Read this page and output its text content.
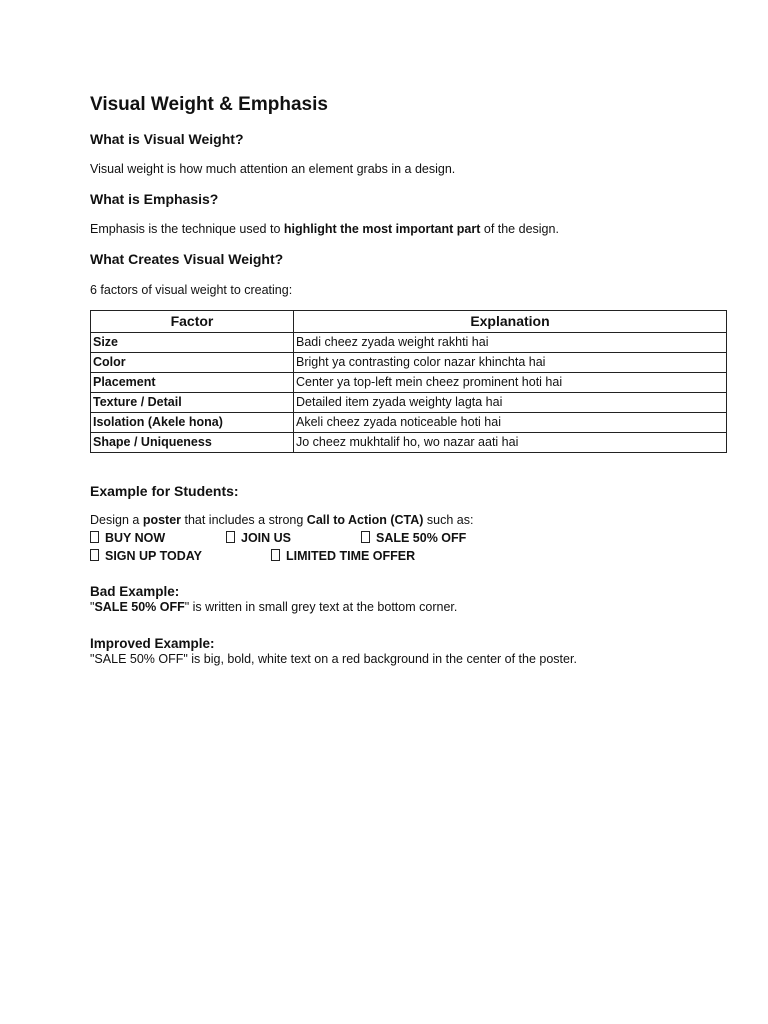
Visual Weight & Emphasis
What is Visual Weight?
Visual weight is how much attention an element grabs in a design.
What is Emphasis?
Emphasis is the technique used to highlight the most important part of the design.
What Creates Visual Weight?
6 factors of visual weight to creating:
Factor	Explanation
Size	Badi cheez zyada weight rakhti hai
Color	Bright ya contrasting color nazar khinchta hai
Placement	Center ya top-left mein cheez prominent hoti hai
Texture / Detail	Detailed item zyada weighty lagta hai
Isolation (Akele hona)	Akeli cheez zyada noticeable hoti hai
Shape / Uniqueness	Jo cheez mukhtalif ho, wo nazar aati hai
Example for Students:
Design a poster that includes a strong Call to Action (CTA) such as:
BUY NOW	JOIN US	SALE 50% OFF
SIGN UP TODAY	LIMITED TIME OFFER
Bad Example:
"SALE 50% OFF" is written in small grey text at the bottom corner.
Improved Example:
"SALE 50% OFF" is big, bold, white text on a red background in the center of the poster.
